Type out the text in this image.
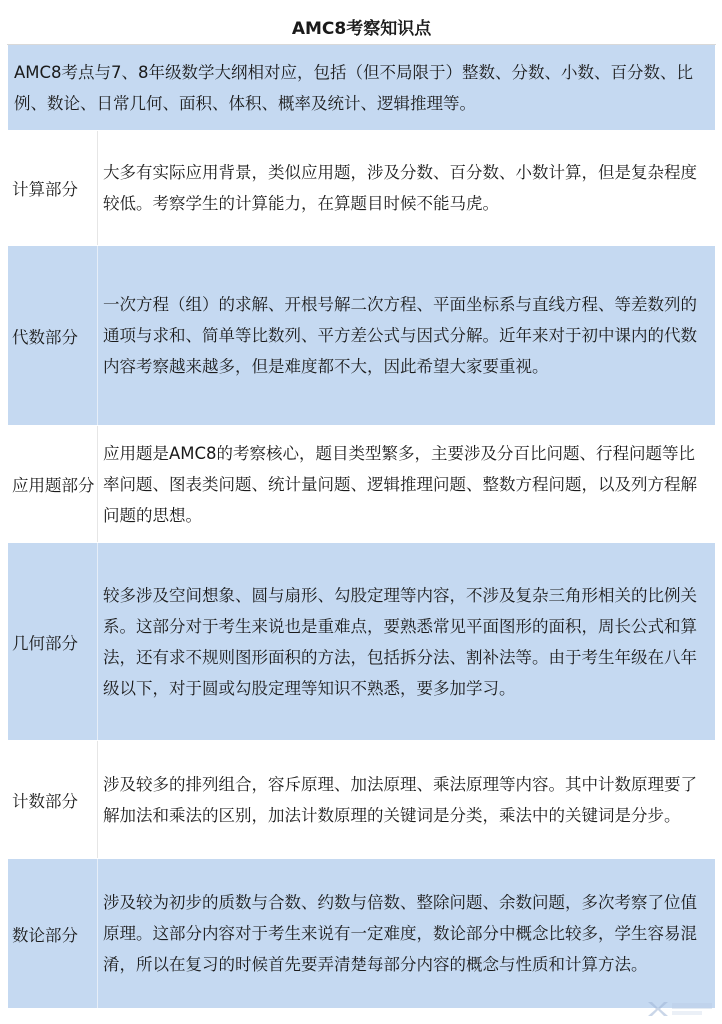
AMC8考察知识点	
AMC8考点与7、8年级数学大纲相对应，包括（但不局限于）整数、分数、小数、百分数、比例、数论、日常几何、面积、体积、概率及统计、逻辑推理等。	
计算部分	大多有实际应用背景，类似应用题，涉及分数、百分数、小数计算，但是复杂程度较低。考察学生的计算能力，在算题目时候不能马虎。
代数部分	一次方程（组）的求解、开根号解二次方程、平面坐标系与直线方程、等差数列的通项与求和、简单等比数列、平方差公式与因式分解。近年来对于初中课内的代数内容考察越来越多，但是难度都不大，因此希望大家要重视。
应用题部分	应用题是AMC8的考察核心，题目类型繁多，主要涉及分百比问题、行程问题等比率问题、图表类问题、统计量问题、逻辑推理问题、整数方程问题，以及列方程解问题的思想。
几何部分	较多涉及空间想象、圆与扇形、勾股定理等内容，不涉及复杂三角形相关的比例关系。这部分对于考生来说也是重难点，要熟悉常见平面图形的面积，周长公式和算法，还有求不规则图形面积的方法，包括拆分法、割补法等。由于考生年级在八年级以下，对于圆或勾股定理等知识不熟悉，要多加学习。
计数部分	涉及较多的排列组合，容斥原理、加法原理、乘法原理等内容。其中计数原理要了解加法和乘法的区别，加法计数原理的关键词是分类，乘法中的关键词是分步。
数论部分	涉及较为初步的质数与合数、约数与倍数、整除问题、余数问题，多次考察了位值原理。这部分内容对于考生来说有一定难度，数论部分中概念比较多，学生容易混淆，所以在复习的时候首先要弄清楚每部分内容的概念与性质和计算方法。
